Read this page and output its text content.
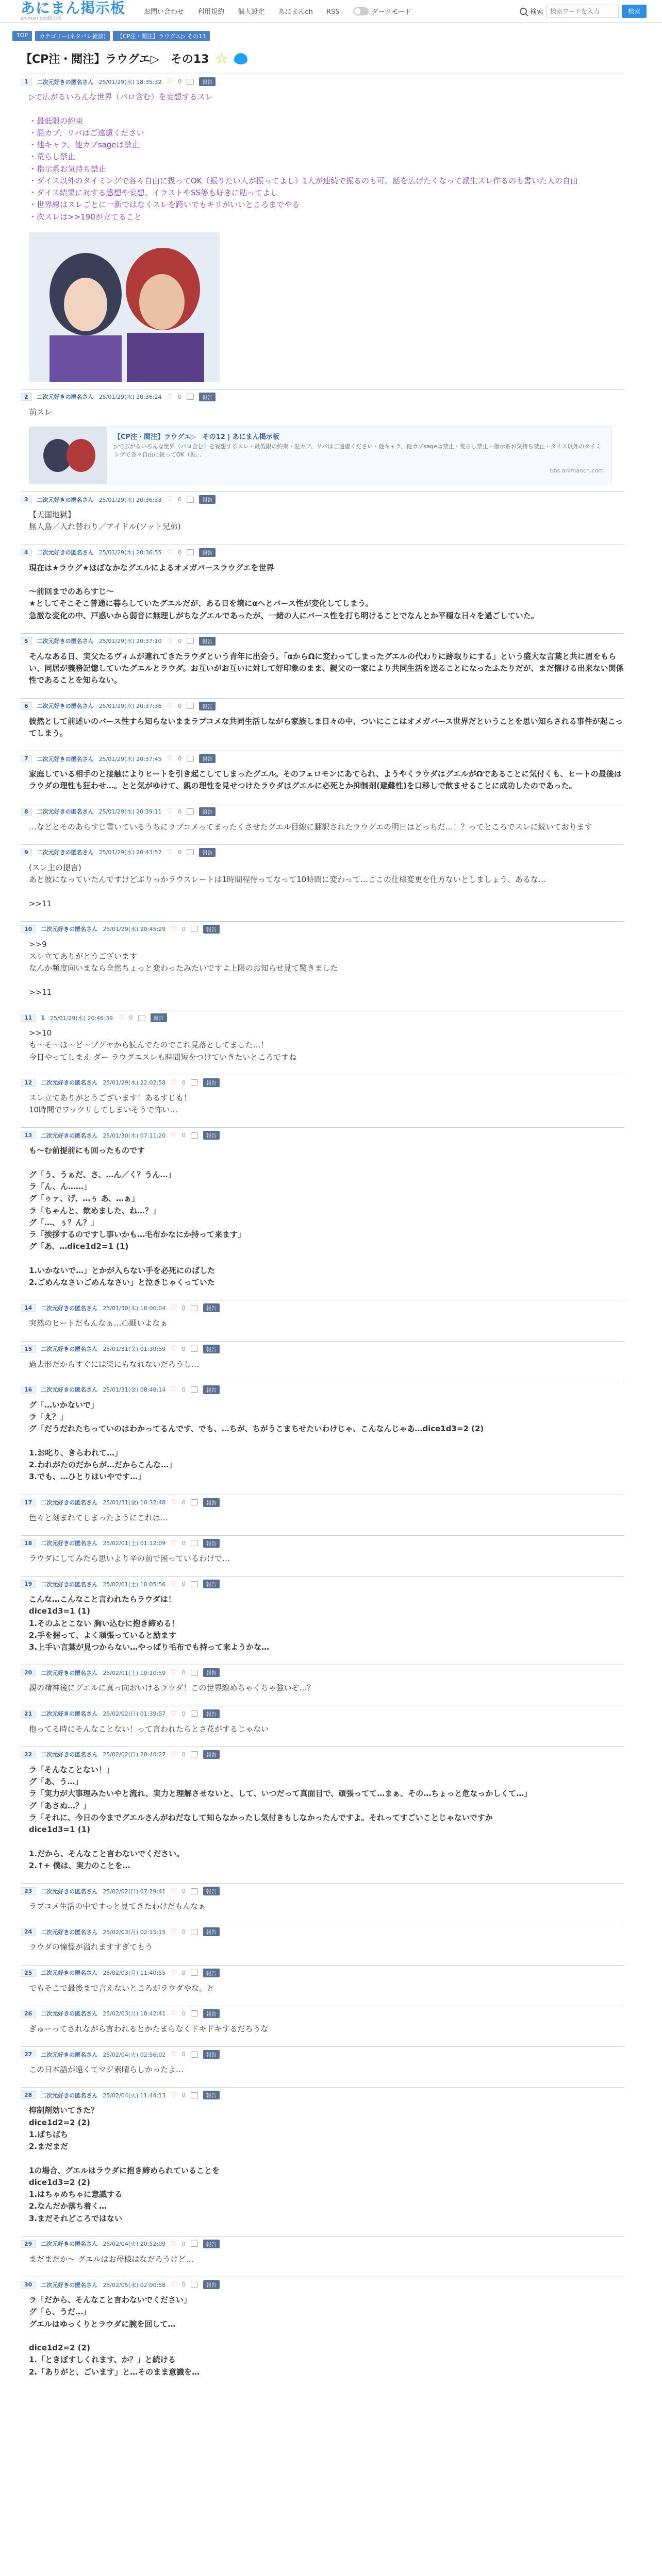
あにまん掲示板
animan bbs掲示板
お問い合わせ 利用規約 個人設定 あにまんch RSS	ダークモード	検索
検索ワードを入力	検索
TOP	カテゴリー(ネタバレ雑談)	【CP注・閲注】ラウグエ▷ その13
【CP注・閲注】ラウグエ▷　その13 ☆
1	二次元好きの匿名さん 25/01/29(水) 18:35:32 ♡ 0	報告
▷で広がるいろんな世界（パロ含む）を妄想するスレ

・最低限の約束
・混カプ、リバはご遠慮ください
・他キャラ、他カプsageは禁止
・荒らし禁止
・指示系お気持ち禁止
・ダイス以外のタイミングで各々自由に扱ってOK（振りたい人が振ってよし）1人が連続で振るのも可。話を広げたくなって派生スレ作るのも書いた人の自由
・ダイス結果に対する感想や妄想、イラストやSS等も好きに貼ってよし
・世界線はスレごとに一新ではなくスレを跨いでもキリがいいところまでやる
・次スレは>>190が立てること
2	二次元好きの匿名さん 25/01/29(水) 20:36:24 ♡ 0	報告
前スレ
【CP注・閲注】ラウグエ▷　その12 | あにまん掲示板
▷で広がるいろんな世界（パロ含む）を妄想するスレ・最低限の約束・混カプ、リバはご遠慮ください・他キャラ、他カプsageは禁止・荒らし禁止・指示系お気持ち禁止・ダイス以外のタイミングで各々自由に扱ってOK（振…
bbs.animanch.com
3	二次元好きの匿名さん 25/01/29(水) 20:36:33 ♡ 0	報告
【天国地獄】
無人島／入れ替わり／アイドル(ソット兄弟)
4	二次元好きの匿名さん 25/01/29(水) 20:36:55 ♡ 0	報告
現在は★ラウグ★ほぼなかなグエルによるオメガバースラウグエを世界

～前回までのあらすじ～
★としてそこそこ普通に暮らしていたグエルだが、ある日を境にαへとバース性が変化してしまう。
急激な変化の中、戸惑いから弱音に無理しがちなグエルであったが、一緒の人にバース性を打ち明けることでなんとか平穏な日々を過ごしていた。
5	二次元好きの匿名さん 25/01/29(水) 20:37:10 ♡ 0	報告
そんなある日、実父たるヴィムが連れてきたラウダという青年に出会う。「αからΩに変わってしまったグエルの代わりに跡取りにする」という盛大な言葉と共に眉をもらい、同居が義務記憶していたグエルとラウダ。お互いがお互いに対して好印象のまま、親父の一家により共同生活を送ることになったふたりだが、まだ懐ける出来ない関係性であることを知らない。
6	二次元好きの匿名さん 25/01/29(水) 20:37:36 ♡ 0	報告
彼然として前述いのバース性すら知らないままラブコメな共同生活しながら家族しま日々の中、ついにここはオメガバース世界だということを思い知らされる事件が起こってしまう。
7	二次元好きの匿名さん 25/01/29(水) 20:37:45 ♡ 0	報告
家庭している相手のと接触によりヒートを引き起こしてしまったグエル。そのフェロモンにあてられ、ようやくラウダはグエルがΩであることに気付くも、ヒートの最後はラウダの理性も狂わせ…。とと気がゆけて、親の理性を見せつけたラウダはグエルに必死とか抑制剤(避難性)を口移しで飲ませることに成功したのであった。
8	二次元好きの匿名さん 25/01/29(水) 20:39:11 ♡ 0	報告
…などとそのあらすじ書いているうちにラブコメってまったくさせたグエル目線に翻訳されたラウグエの明日はどっちだ…！？ってところでスレに続いております
9	二次元好きの匿名さん 25/01/29(水) 20:43:52 ♡ 0	報告
(スレ主の提言)
あと彼になっていたんですけどぶりっかラウスレートは1時間程待ってなって10時間に変わって…ここの仕様変更を仕方ないとしましょう、あるな…

>>11
10	二次元好きの匿名さん 25/01/29(水) 20:45:29 ♡ 0	報告
>>9
スレ立てありがとうございます
なんか頻度向いまなら全然ちょっと変わったみたいですよ上限のお知らせ見て驚きました

>>11
11	1 25/01/29(水) 20:46:39 ♡ 0	報告
>>10
も〜そ〜ほ〜ど〜プグヤから読んでたのでこれ見落としてました…！
今日やってしまえ ダー ラウグエスレも時間短をつけていきたいところですね
12	二次元好きの匿名さん 25/01/29(水) 22:02:58 ♡ 0	報告
スレ立てありがとうございます！あるすじも！
10時間でワックリしてしまいそうで怖い…
13	二次元好きの匿名さん 25/01/30(木) 07:11:20 ♡ 0	報告
も〜む前提前にも回ったものです

グ「う、うぁだ、さ、…ん／く？うん…」
ラ「ん、ん……」
グ「ゥァ、げ、…ぅ あ、…ぁ」
ラ「ちゃんと、飲めました、ね…？」
グ「…、ぅ？ん？」
ラ「挨拶するのですし事いかも…毛布かなにか持って来ます」
グ「あ、…dice1d2=1 (1)

1.いかないで…」とかが入らない手を必死にのばした
2.ごめんなさいごめんなさい」と泣きじゃくっていた
14	二次元好きの匿名さん 25/01/30(木) 18:00:04 ♡ 0	報告
突然のヒートだもんなぁ…心細いよなぁ
15	二次元好きの匿名さん 25/01/31(金) 01:39:59 ♡ 0	報告
過去形だからすぐには楽にもなれないだろうし…
16	二次元好きの匿名さん 25/01/31(金) 08:48:14 ♡ 0	報告
グ「…いかないで」
ラ「え？」
グ「だうだれたちっていのはわかってるんです、でも、…ちが、ちがうこまちせたいわけじゃ、こんなんじゃあ…dice1d3=2 (2)

1.お叱り、きらわれて…」
2.われがたのだからが…だからこんな…」
3.でも、…ひとりはいやです…」
17	二次元好きの匿名さん 25/01/31(金) 10:32:48 ♡ 0	報告
色々と刻まれてしまったようにこれは…
18	二次元好きの匿名さん 25/02/01(土) 01:12:09 ♡ 0	報告
ラウダにしてみたら思いより辛の前で困っているわけで…
19	二次元好きの匿名さん 25/02/01(土) 10:05:56 ♡ 0	報告
こんな…こんなこと言われたらラウダは！
dice1d3=1 (1)
1.そのふとこない 胸い込むに抱き締める！
2.手を握って、よく頑張っていると励ます
3.上手い言葉が見つからない…やっぱり毛布でも持って来ようかな…
20	二次元好きの匿名さん 25/02/01(土) 10:10:59 ♡ 0	報告
親の精神後にグエルに真っ向おいけるラウダ！この世界線めちゃくちゃ強いぞ…？
21	二次元好きの匿名さん 25/02/02(日) 01:39:57 ♡ 0	報告
抱ってる時にそんなことない！って言われたらとさ花がするじゃない
22	二次元好きの匿名さん 25/02/02(日) 20:40:27 ♡ 0	報告
ラ「そんなことない！」
グ「あ、う…」
ラ「実力が大事理みたいやと流れ、実力と理解させないと、して、いつだって真面目で、頑張ってて…まぁ、その…ちょっと危なっかしくて…」
グ「あさぬ…？」
ラ「それに、今日の今までグエルさんがねだなして知らなかったし気付きもしなかったんですよ。それってすごいことじゃないですか
dice1d3=1 (1)

1.だから、そんなこと言わないでください。
2.↑+ 僕は、実力のことを…
23	二次元好きの匿名さん 25/02/02(日) 07:29:41 ♡ 0	報告
ラブコメ生活の中ですっと見てきたわけだもんなぁ
24	二次元好きの匿名さん 25/02/03(月) 02:15:15 ♡ 0	報告
ラウダの憧憬が溢れますすぎてもう
25	二次元好きの匿名さん 25/02/03(月) 11:40:55 ♡ 0	報告
でもそこで最後まで言えないところがラウダやな。と
26	二次元好きの匿名さん 25/02/03(月) 18:42:41 ♡ 0	報告
ぎゅーってされながら言われるとかたまらなくドキドキするだろうな
27	二次元好きの匿名さん 25/02/04(火) 02:56:02 ♡ 0	報告
この日本語が遠くてマジ素晴らしかったよ…
28	二次元好きの匿名さん 25/02/04(火) 11:44:13 ♡ 0	報告
抑制剤効いてきた？
dice1d2=2 (2)
1.ばちばち
2.まだまだ

1の場合、グエルはラウダに抱き締められていることを
dice1d3=2 (2)
1.はちゃめちゃに意識する
2.なんだか落ち着く…
3.まだそれどころではない
29	二次元好きの匿名さん 25/02/04(火) 20:52:09 ♡ 0	報告
まだまだか～ グエルはお母様はなだろうけど…
30	二次元好きの匿名さん 25/02/05(水) 02:00:58 ♡ 0	報告
ラ「だから、そんなこと言わないでください」
グ「ら、うだ…」
グエルはゆっくりとラウダに腕を回して…

dice1d2=2 (2)
1.「ときぼすしくれます、か？」と続ける
2.「ありがと、ごいます」と…そのまま意識を…
